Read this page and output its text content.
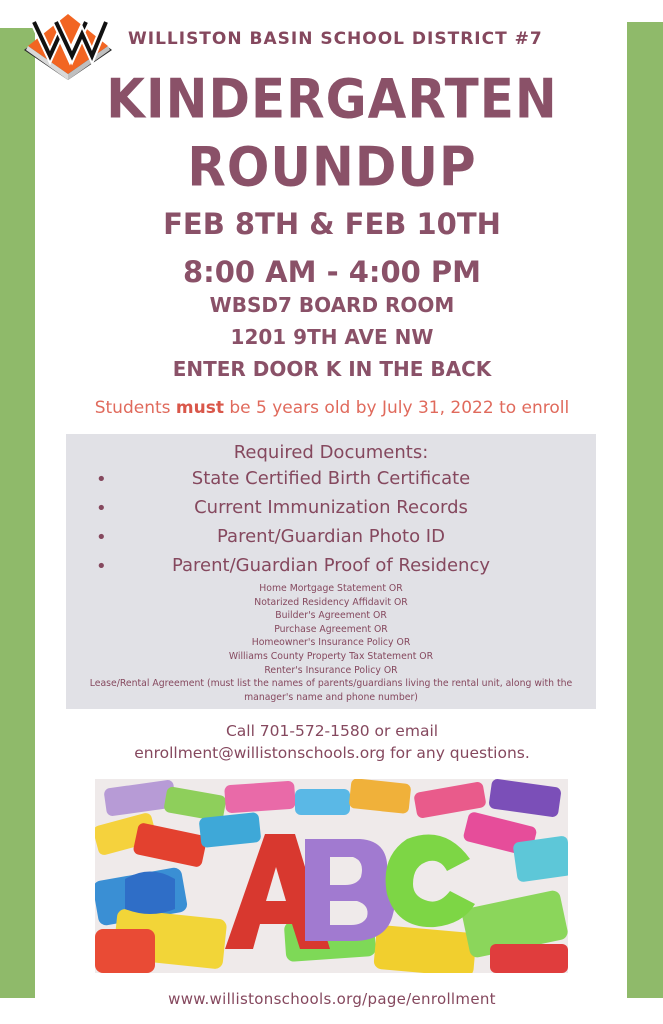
WILLISTON BASIN SCHOOL DISTRICT #7
KINDERGARTEN
ROUNDUP
FEB 8TH & FEB 10TH
8:00 AM - 4:00 PM
WBSD7 BOARD ROOM
1201 9TH AVE NW
ENTER DOOR K IN THE BACK
Students must be 5 years old by July 31, 2022 to enroll
Required Documents:
•	State Certified Birth Certificate
•	Current Immunization Records
•	Parent/Guardian Photo ID
•	Parent/Guardian Proof of Residency
Home Mortgage Statement OR
Notarized Residency Affidavit OR
Builder's Agreement OR
Purchase Agreement OR
Homeowner's Insurance Policy OR
Williams County Property Tax Statement OR
Renter's Insurance Policy OR
Lease/Rental Agreement (must list the names of parents/guardians living the rental unit, along with the manager's name and phone number)
Call 701-572-1580 or email
enrollment@willistonschools.org for any questions.
www.willistonschools.org/page/enrollment
